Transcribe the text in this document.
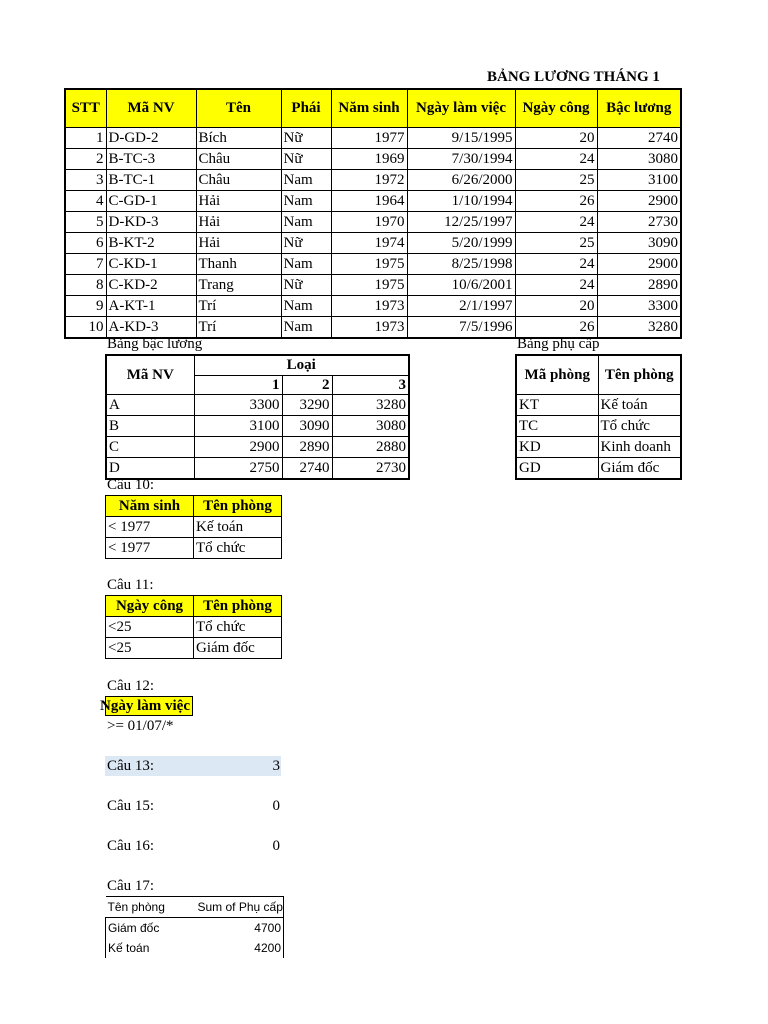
BẢNG LƯƠNG THÁNG 1
STT	Mã NV	Tên	Phái	Năm sinh	Ngày làm việc	Ngày công	Bậc lương
1	D-GD-2	Bích	Nữ	1977	9/15/1995	20	2740
2	B-TC-3	Châu	Nữ	1969	7/30/1994	24	3080
3	B-TC-1	Châu	Nam	1972	6/26/2000	25	3100
4	C-GD-1	Hải	Nam	1964	1/10/1994	26	2900
5	D-KD-3	Hải	Nam	1970	12/25/1997	24	2730
6	B-KT-2	Hải	Nữ	1974	5/20/1999	25	3090
7	C-KD-1	Thanh	Nam	1975	8/25/1998	24	2900
8	C-KD-2	Trang	Nữ	1975	10/6/2001	24	2890
9	A-KT-1	Trí	Nam	1973	2/1/1997	20	3300
10	A-KD-3	Trí	Nam	1973	7/5/1996	26	3280
Bảng bậc lương
Mã NV	Loại		
	1	2	3
A	3300	3290	3280
B	3100	3090	3080
C	2900	2890	2880
D	2750	2740	2730
Bảng phụ cấp
Mã phòng	Tên phòng
KT	Kế toán
TC	Tổ chức
KD	Kinh doanh
GD	Giám đốc
Câu 10:
Năm sinh	Tên phòng
< 1977	Kế toán
< 1977	Tổ chức
Câu 11:
Ngày công	Tên phòng
<25	Tổ chức
<25	Giám đốc
Câu 12:
Ngày làm việc
>= 01/07/*
Câu 13:	3
Câu 15:	0
Câu 16:	0
Câu 17:
Tên phòng	Sum of Phụ cấp
Giám đốc	4700
Kế toán	4200
